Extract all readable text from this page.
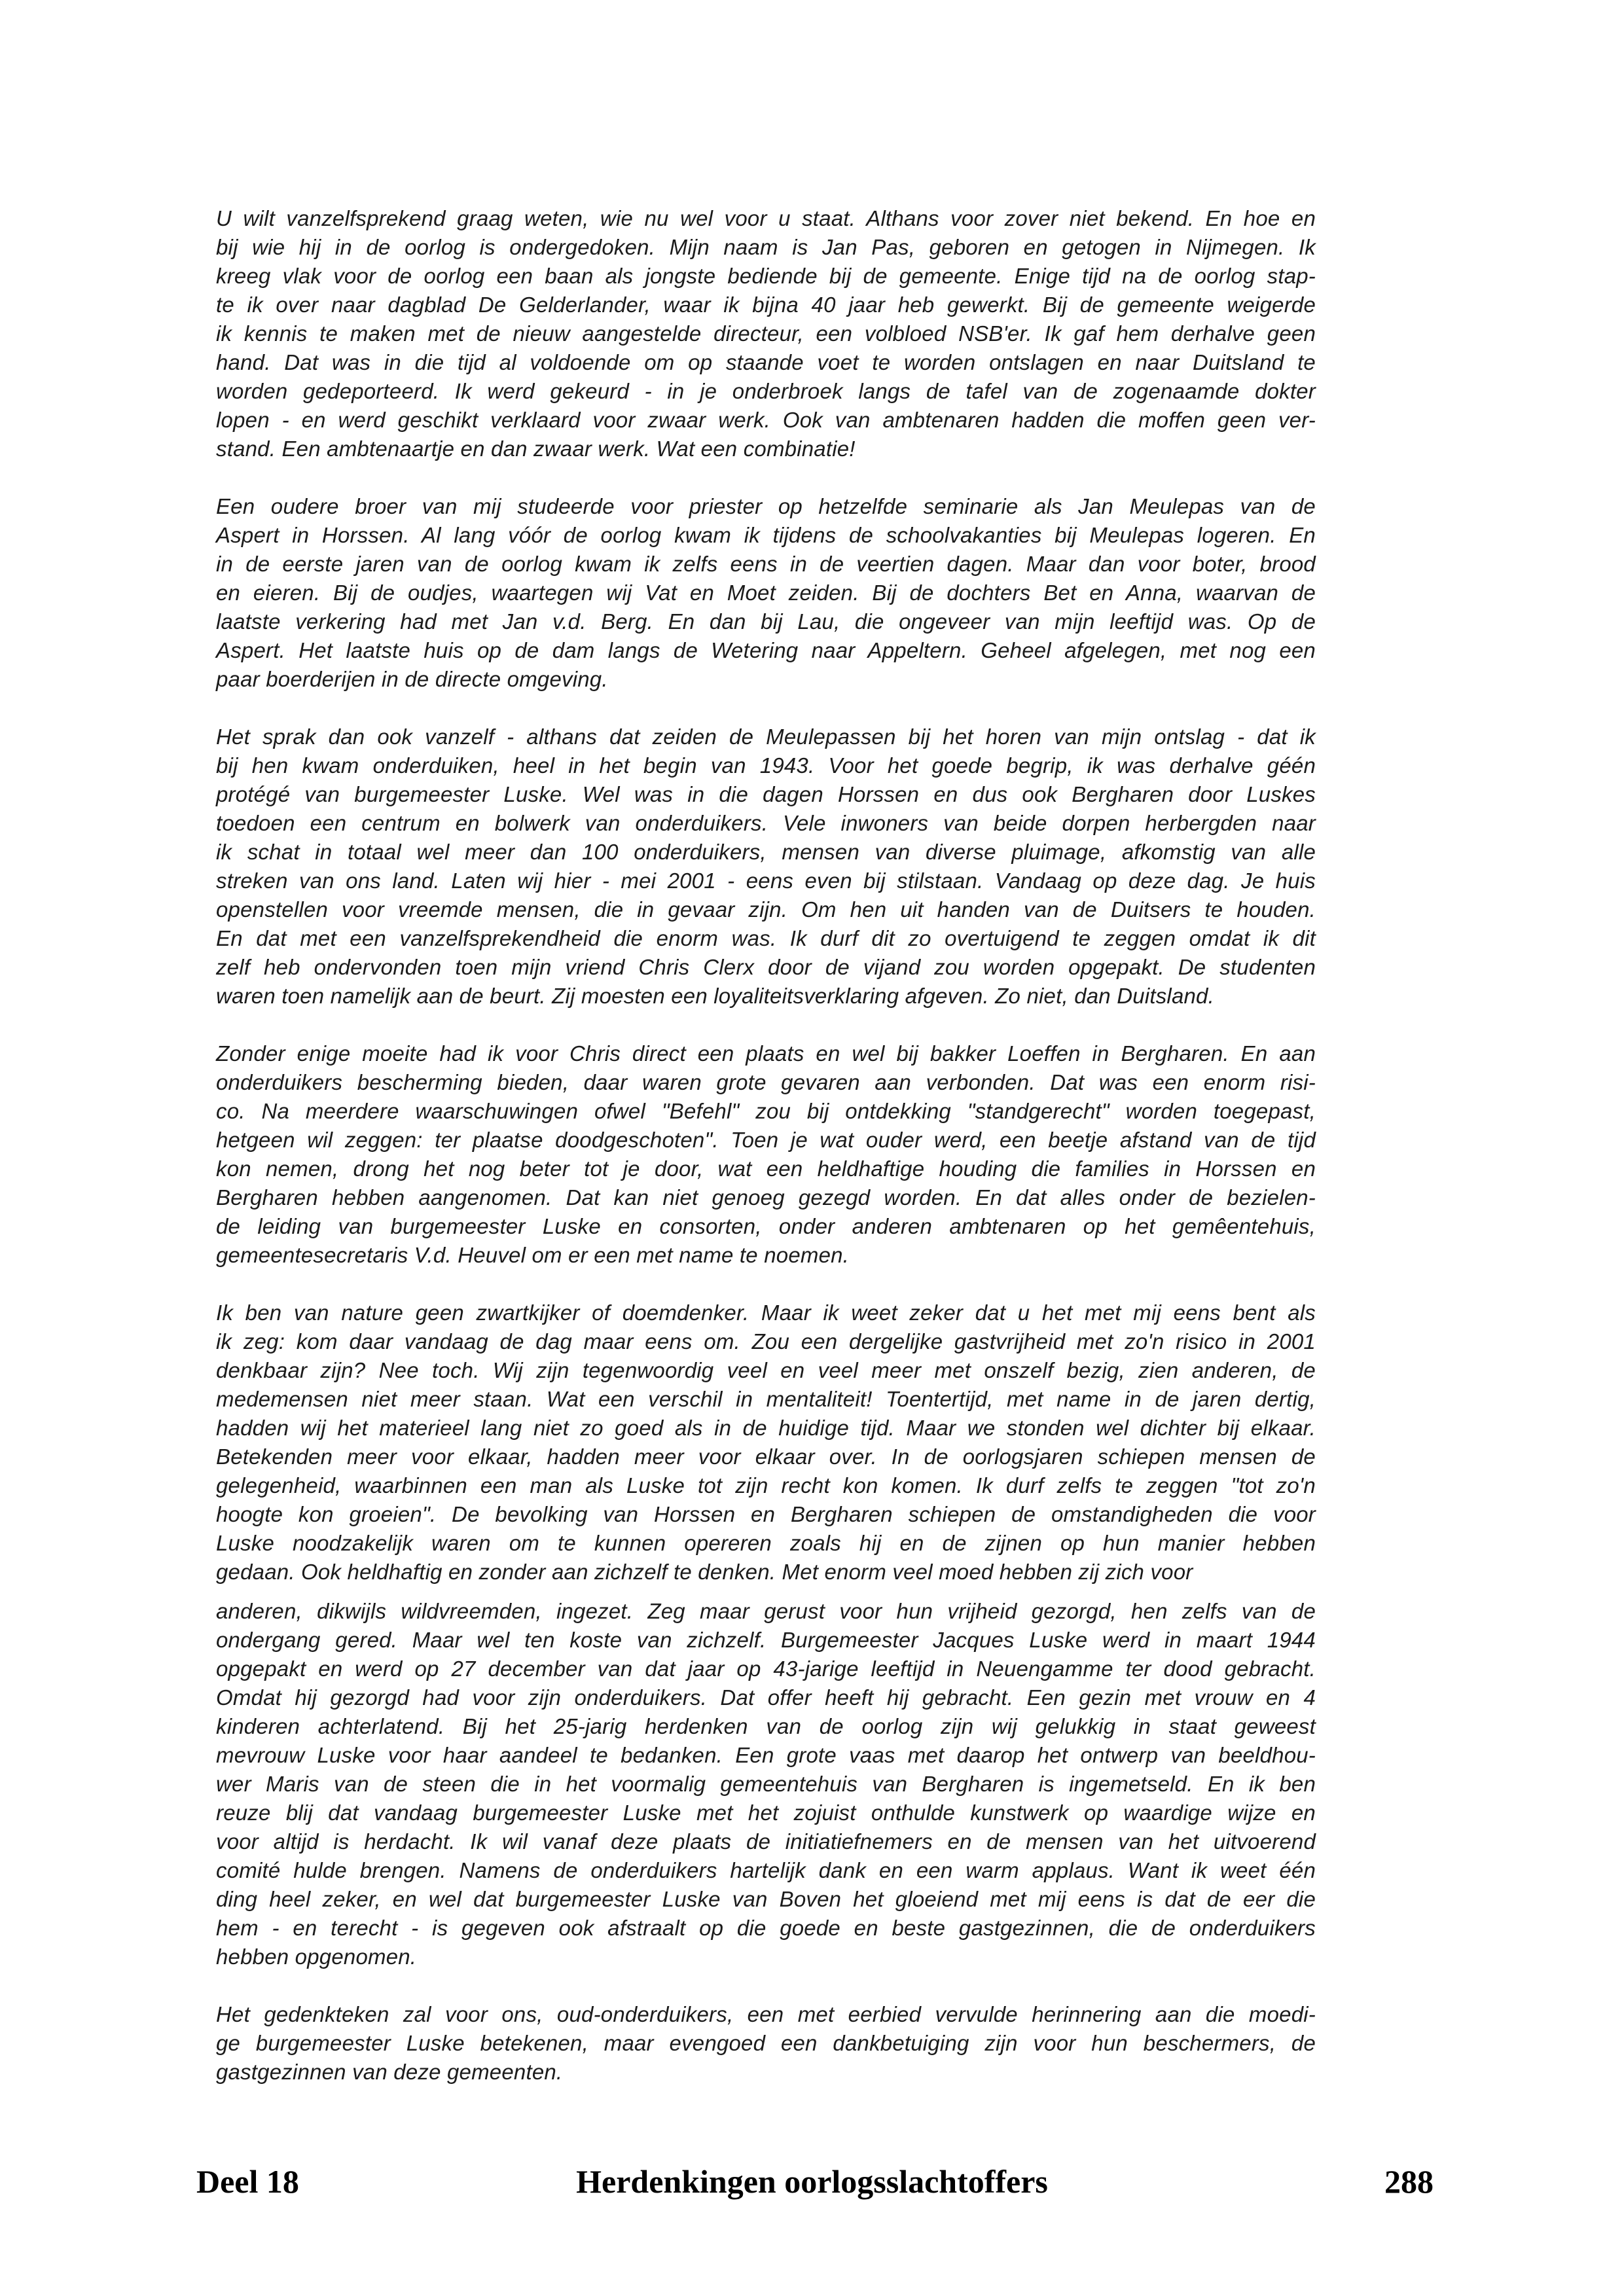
U wilt vanzelfsprekend graag weten, wie nu wel voor u staat. Althans voor zover niet bekend. En hoe en
bij wie hij in de oorlog is ondergedoken. Mijn naam is Jan Pas, geboren en getogen in Nijmegen. Ik
kreeg vlak voor de oorlog een baan als jongste bediende bij de gemeente. Enige tijd na de oorlog stap-
te ik over naar dagblad De Gelderlander, waar ik bijna 40 jaar heb gewerkt. Bij de gemeente weigerde
ik kennis te maken met de nieuw aangestelde directeur, een volbloed NSB'er. Ik gaf hem derhalve geen
hand. Dat was in die tijd al voldoende om op staande voet te worden ontslagen en naar Duitsland te
worden gedeporteerd. Ik werd gekeurd - in je onderbroek langs de tafel van de zogenaamde dokter
lopen - en werd geschikt verklaard voor zwaar werk. Ook van ambtenaren hadden die moffen geen ver-
stand. Een ambtenaartje en dan zwaar werk. Wat een combinatie!
Een oudere broer van mij studeerde voor priester op hetzelfde seminarie als Jan Meulepas van de
Aspert in Horssen. Al lang vóór de oorlog kwam ik tijdens de schoolvakanties bij Meulepas logeren. En
in de eerste jaren van de oorlog kwam ik zelfs eens in de veertien dagen. Maar dan voor boter, brood
en eieren. Bij de oudjes, waartegen wij Vat en Moet zeiden. Bij de dochters Bet en Anna, waarvan de
laatste verkering had met Jan v.d. Berg. En dan bij Lau, die ongeveer van mijn leeftijd was. Op de
Aspert. Het laatste huis op de dam langs de Wetering naar Appeltern. Geheel afgelegen, met nog een
paar boerderijen in de directe omgeving.
Het sprak dan ook vanzelf - althans dat zeiden de Meulepassen bij het horen van mijn ontslag - dat ik
bij hen kwam onderduiken, heel in het begin van 1943. Voor het goede begrip, ik was derhalve géén
protégé van burgemeester Luske. Wel was in die dagen Horssen en dus ook Bergharen door Luskes
toedoen een centrum en bolwerk van onderduikers. Vele inwoners van beide dorpen herbergden naar
ik schat in totaal wel meer dan 100 onderduikers, mensen van diverse pluimage, afkomstig van alle
streken van ons land. Laten wij hier - mei 2001 - eens even bij stilstaan. Vandaag op deze dag. Je huis
openstellen voor vreemde mensen, die in gevaar zijn. Om hen uit handen van de Duitsers te houden.
En dat met een vanzelfsprekendheid die enorm was. Ik durf dit zo overtuigend te zeggen omdat ik dit
zelf heb ondervonden toen mijn vriend Chris Clerx door de vijand zou worden opgepakt. De studenten
waren toen namelijk aan de beurt. Zij moesten een loyaliteitsverklaring afgeven. Zo niet, dan Duitsland.
Zonder enige moeite had ik voor Chris direct een plaats en wel bij bakker Loeffen in Bergharen. En aan
onderduikers bescherming bieden, daar waren grote gevaren aan verbonden. Dat was een enorm risi-
co. Na meerdere waarschuwingen ofwel "Befehl" zou bij ontdekking "standgerecht" worden toegepast,
hetgeen wil zeggen: ter plaatse doodgeschoten". Toen je wat ouder werd, een beetje afstand van de tijd
kon nemen, drong het nog beter tot je door, wat een heldhaftige houding die families in Horssen en
Bergharen hebben aangenomen. Dat kan niet genoeg gezegd worden. En dat alles onder de bezielen-
de leiding van burgemeester Luske en consorten, onder anderen ambtenaren op het gemêentehuis,
gemeentesecretaris V.d. Heuvel om er een met name te noemen.
Ik ben van nature geen zwartkijker of doemdenker. Maar ik weet zeker dat u het met mij eens bent als
ik zeg: kom daar vandaag de dag maar eens om. Zou een dergelijke gastvrijheid met zo'n risico in 2001
denkbaar zijn? Nee toch. Wij zijn tegenwoordig veel en veel meer met onszelf bezig, zien anderen, de
medemensen niet meer staan. Wat een verschil in mentaliteit! Toentertijd, met name in de jaren dertig,
hadden wij het materieel lang niet zo goed als in de huidige tijd. Maar we stonden wel dichter bij elkaar.
Betekenden meer voor elkaar, hadden meer voor elkaar over. In de oorlogsjaren schiepen mensen de
gelegenheid, waarbinnen een man als Luske tot zijn recht kon komen. Ik durf zelfs te zeggen "tot zo'n
hoogte kon groeien". De bevolking van Horssen en Bergharen schiepen de omstandigheden die voor
Luske noodzakelijk waren om te kunnen opereren zoals hij en de zijnen op hun manier hebben
gedaan. Ook heldhaftig en zonder aan zichzelf te denken. Met enorm veel moed hebben zij zich voor
anderen, dikwijls wildvreemden, ingezet. Zeg maar gerust voor hun vrijheid gezorgd, hen zelfs van de
ondergang gered. Maar wel ten koste van zichzelf. Burgemeester Jacques Luske werd in maart 1944
opgepakt en werd op 27 december van dat jaar op 43-jarige leeftijd in Neuengamme ter dood gebracht.
Omdat hij gezorgd had voor zijn onderduikers. Dat offer heeft hij gebracht. Een gezin met vrouw en 4
kinderen achterlatend. Bij het 25-jarig herdenken van de oorlog zijn wij gelukkig in staat geweest
mevrouw Luske voor haar aandeel te bedanken. Een grote vaas met daarop het ontwerp van beeldhou-
wer Maris van de steen die in het voormalig gemeentehuis van Bergharen is ingemetseld. En ik ben
reuze blij dat vandaag burgemeester Luske met het zojuist onthulde kunstwerk op waardige wijze en
voor altijd is herdacht. Ik wil vanaf deze plaats de initiatiefnemers en de mensen van het uitvoerend
comité hulde brengen. Namens de onderduikers hartelijk dank en een warm applaus. Want ik weet één
ding heel zeker, en wel dat burgemeester Luske van Boven het gloeiend met mij eens is dat de eer die
hem - en terecht - is gegeven ook afstraalt op die goede en beste gastgezinnen, die de onderduikers
hebben opgenomen.
Het gedenkteken zal voor ons, oud-onderduikers, een met eerbied vervulde herinnering aan die moedi-
ge burgemeester Luske betekenen, maar evengoed een dankbetuiging zijn voor hun beschermers, de
gastgezinnen van deze gemeenten.
Deel 18	Herdenkingen oorlogsslachtoffers	288
